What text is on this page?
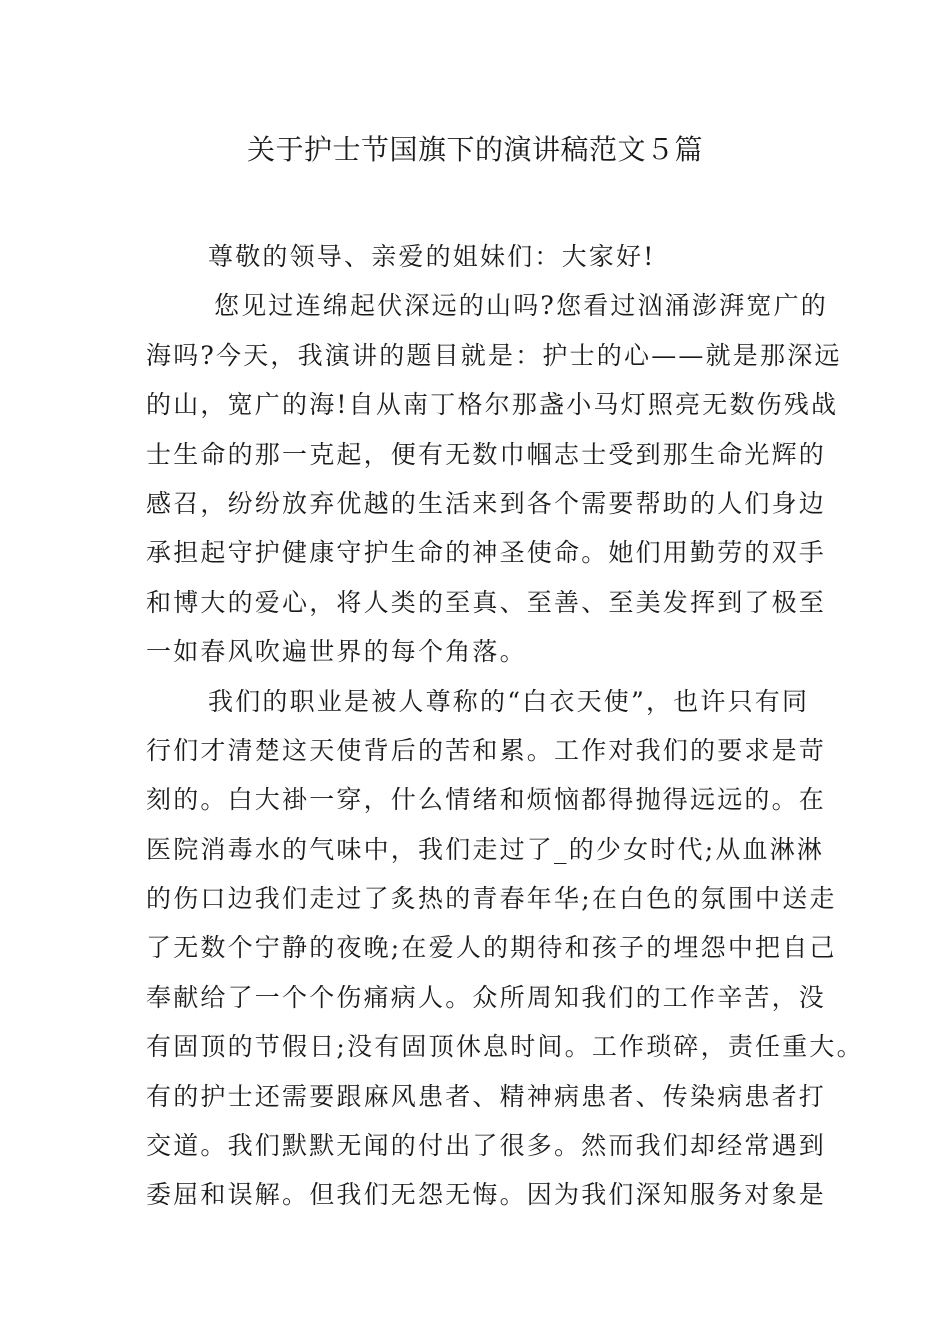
关于护士节国旗下的演讲稿范文５篇
尊敬的领导、亲爱的姐妹们：大家好!
您见过连绵起伏深远的山吗?您看过汹涌澎湃宽广的
海吗?今天，我演讲的题目就是：护士的心——就是那深远
的山，宽广的海!自从南丁格尔那盏小马灯照亮无数伤残战
士生命的那一克起，便有无数巾帼志士受到那生命光辉的
感召，纷纷放弃优越的生活来到各个需要帮助的人们身边
承担起守护健康守护生命的神圣使命。她们用勤劳的双手
和博大的爱心，将人类的至真、至善、至美发挥到了极至
一如春风吹遍世界的每个角落。
我们的职业是被人尊称的“白衣天使”，也许只有同
行们才清楚这天使背后的苦和累。工作对我们的要求是苛
刻的。白大褂一穿，什么情绪和烦恼都得抛得远远的。在
医院消毒水的气味中，我们走过了_的少女时代;从血淋淋
的伤口边我们走过了炙热的青春年华;在白色的氛围中送走
了无数个宁静的夜晚;在爱人的期待和孩子的埋怨中把自己
奉献给了一个个伤痛病人。众所周知我们的工作辛苦，没
有固顶的节假日;没有固顶休息时间。工作琐碎，责任重大。
有的护士还需要跟麻风患者、精神病患者、传染病患者打
交道。我们默默无闻的付出了很多。然而我们却经常遇到
委屈和误解。但我们无怨无悔。因为我们深知服务对象是
